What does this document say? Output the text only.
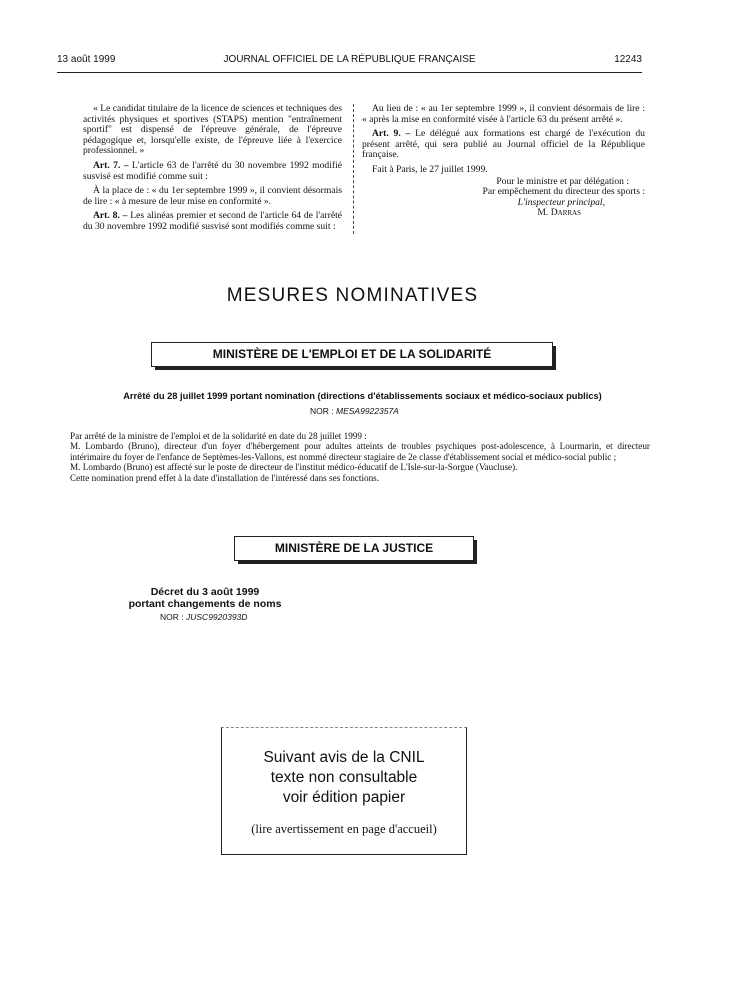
13 août 1999	JOURNAL OFFICIEL DE LA RÉPUBLIQUE FRANÇAISE	12243

« Le candidat titulaire de la licence de sciences et techniques des activités physiques et sportives (STAPS) mention "entraînement sportif" est dispensé de l'épreuve générale, de l'épreuve pédagogique et, lorsqu'elle existe, de l'épreuve liée à l'exercice professionnel. »

Art. 7. – L'article 63 de l'arrêté du 30 novembre 1992 modifié susvisé est modifié comme suit :

À la place de : « du 1er septembre 1999 », il convient désormais de lire : « à mesure de leur mise en conformité ».

Art. 8. – Les alinéas premier et second de l'article 64 de l'arrêté du 30 novembre 1992 modifié susvisé sont modifiés comme suit :

Au lieu de : « au 1er septembre 1999 », il convient désormais de lire : « après la mise en conformité visée à l'article 63 du présent arrêté ».

Art. 9. – Le délégué aux formations est chargé de l'exécution du présent arrêté, qui sera publié au Journal officiel de la République française.

Fait à Paris, le 27 juillet 1999.

Pour le ministre et par délégation :

Par empêchement du directeur des sports :

L'inspecteur principal,

M. Darras

MESURES NOMINATIVES
MINISTÈRE DE L'EMPLOI ET DE LA SOLIDARITÉ
Arrêté du 28 juillet 1999 portant nomination (directions d'établissements sociaux et médico-sociaux publics)
NOR : MESA9922357A

Par arrêté de la ministre de l'emploi et de la solidarité en date du 28 juillet 1999 :

M. Lombardo (Bruno), directeur d'un foyer d'hébergement pour adultes atteints de troubles psychiques post-adolescence, à Lourmarin, et directeur intérimaire du foyer de l'enfance de Septèmes-les-Vallons, est nommé directeur stagiaire de 2e classe d'établissement social et médico-social public ;

M. Lombardo (Bruno) est affecté sur le poste de directeur de l'institut médico-éducatif de L'Isle-sur-la-Sorgue (Vaucluse).

Cette nomination prend effet à la date d'installation de l'intéressé dans ses fonctions.

MINISTÈRE DE LA JUSTICE
Décret du 3 août 1999
portant changements de noms
NOR : JUSC9920393D
Suivant avis de la CNIL
texte non consultable
voir édition papier
(lire avertissement en page d'accueil)
